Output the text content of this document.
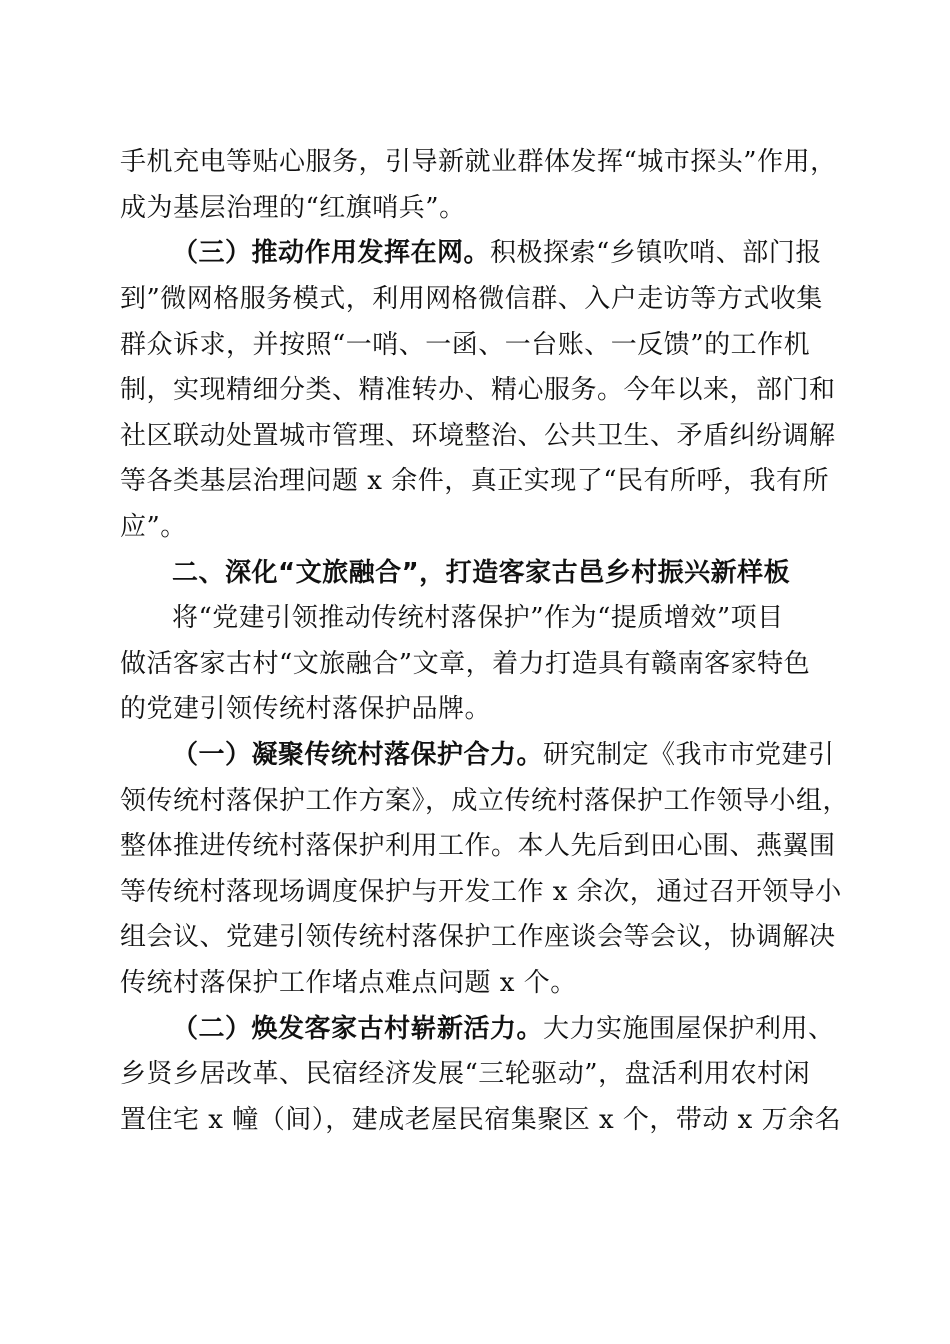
手机充电等贴心服务，引导新就业群体发挥“城市探头”作用，
成为基层治理的“红旗哨兵”。
（三）推动作用发挥在网。积极探索“乡镇吹哨、部门报
到”微网格服务模式，利用网格微信群、入户走访等方式收集
群众诉求，并按照“一哨、一函、一台账、一反馈”的工作机
制，实现精细分类、精准转办、精心服务。今年以来，部门和
社区联动处置城市管理、环境整治、公共卫生、矛盾纠纷调解
等各类基层治理问题 x 余件，真正实现了“民有所呼，我有所
应”。
二、深化“文旅融合”，打造客家古邑乡村振兴新样板
将“党建引领推动传统村落保护”作为“提质增效”项目
做活客家古村“文旅融合”文章，着力打造具有赣南客家特色
的党建引领传统村落保护品牌。
（一）凝聚传统村落保护合力。研究制定《我市市党建引
领传统村落保护工作方案》，成立传统村落保护工作领导小组，
整体推进传统村落保护利用工作。本人先后到田心围、燕翼围
等传统村落现场调度保护与开发工作 x 余次，通过召开领导小
组会议、党建引领传统村落保护工作座谈会等会议，协调解决
传统村落保护工作堵点难点问题 x 个。
（二）焕发客家古村崭新活力。大力实施围屋保护利用、
乡贤乡居改革、民宿经济发展“三轮驱动”，盘活利用农村闲
置住宅 x 幢（间），建成老屋民宿集聚区 x 个，带动 x 万余名
